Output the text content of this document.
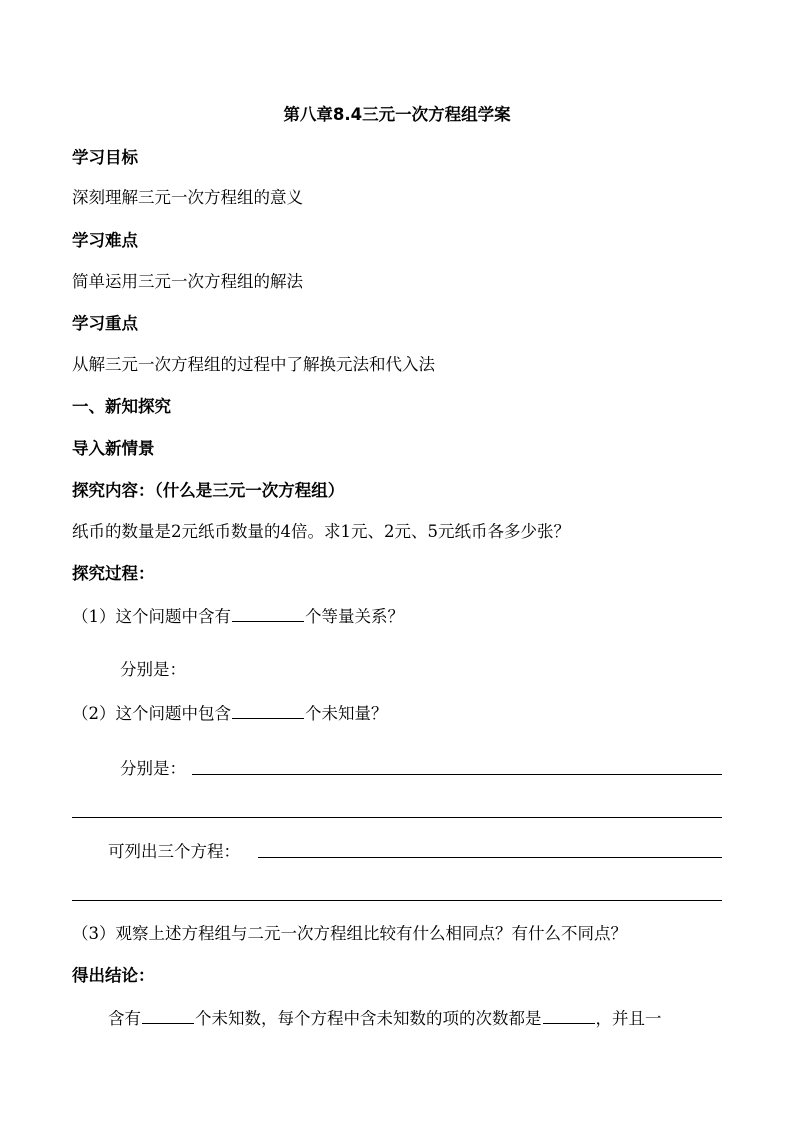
第八章8.4三元一次方程组学案
学习目标
深刻理解三元一次方程组的意义
学习难点
简单运用三元一次方程组的解法
学习重点
从解三元一次方程组的过程中了解换元法和代入法
一、新知探究
导入新情景
探究内容：（什么是三元一次方程组）
纸币的数量是2元纸币数量的4倍。求1元、2元、5元纸币各多少张？
探究过程：
（1）这个问题中含有	个等量关系？
分别是：
（2）这个问题中包含	个未知量？
分别是：
可列出三个方程：
（3）观察上述方程组与二元一次方程组比较有什么相同点？有什么不同点？
得出结论：
含有	个未知数，每个方程中含未知数的项的次数都是	，并且一
